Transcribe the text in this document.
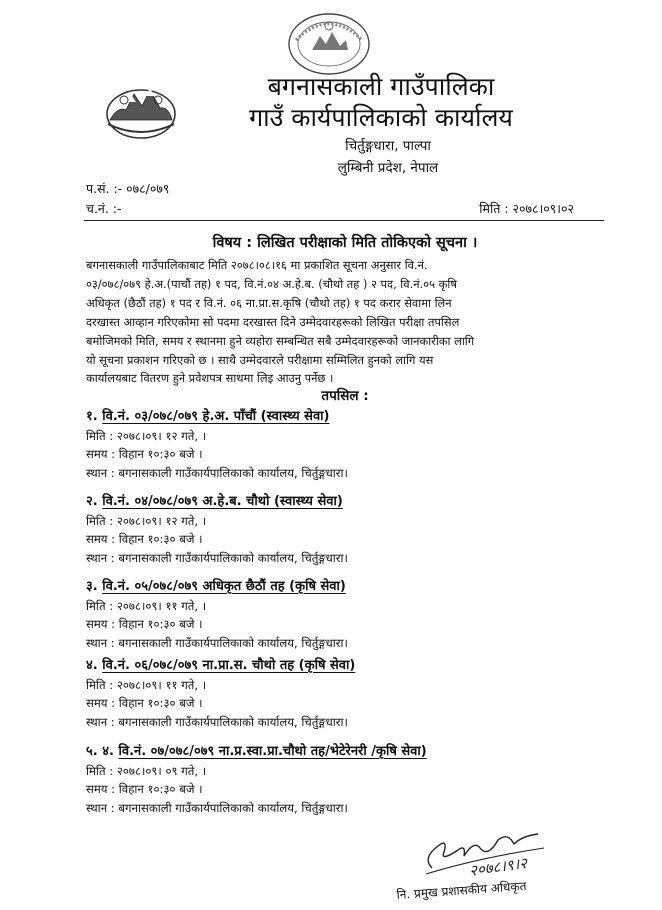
बगनासकाली गाउँपालिका
गाउँ कार्यपालिकाको कार्यालय
चिर्तुङ्गधारा, पाल्पा
लुम्बिनी प्रदेश, नेपाल
प.सं. :- ०७८/०७९
च.नं. :-	मिति : २०७८।०९।०२
विषय : लिखित परीक्षाको मिति तोकिएको सूचना ।
बगनासकाली गाउँपालिकाबाट मिति २०७८।०८।१६ मा प्रकाशित सूचना अनुसार वि.नं.
०३/०७८/०७९ हे.अ.(पाचौं तह) १ पद, वि.नं.०४ अ.हे.ब. (चौथो तह ) २ पद, वि.नं.०५ कृषि
अधिकृत (छैठौं तह) १ पद र वि.नं. ०६ ना.प्रा.स.कृषि (चौथो तह) १ पद करार सेवामा लिन
दरखास्त आव्हान गरिएकोमा सो पदमा दरखास्त दिने उम्मेदवारहरूको लिखित परीक्षा तपसिल
बमोजिमको मिति, समय र स्थानमा हुने व्यहोरा सम्बन्धित सबै उम्मेदवारहरूको जानकारीका लागि
यो सूचना प्रकाशन गरिएको छ । साथै उम्मेदवारले परीक्षामा सम्मिलित हुनको लागि यस
कार्यालयबाट वितरण हुने प्रवेशपत्र साथमा लिइ आउनु पर्नेछ ।
तपसिल :
१. वि.नं. ०३/०७८/०७९ हे.अ. पाँचौं (स्वास्थ्य सेवा)
मिति : २०७८।०९। १२ गते, ।
समय : विहान १०:३० बजे ।
स्थान : बगनासकाली गाउँकार्यपालिकाको कार्यालय, चिर्तुङ्गधारा।
२. वि.नं. ०४/०७८/०७९ अ.हे.ब. चौथो (स्वास्थ्य सेवा)
मिति : २०७८।०९। १२ गते, ।
समय : विहान १०:३० बजे ।
स्थान : बगनासकाली गाउँकार्यपालिकाको कार्यालय, चिर्तुङ्गधारा।
३. वि.नं. ०५/०७८/०७९ अधिकृत छैठौं तह (कृषि सेवा)
मिति : २०७८।०९। ११ गते, ।
समय : विहान १०:३० बजे ।
स्थान : बगनासकाली गाउँकार्यपालिकाको कार्यालय, चिर्तुङ्गधारा।
४. वि.नं. ०६/०७८/०७९ ना.प्रा.स. चौथो तह (कृषि सेवा)
मिति : २०७८।०९। ११ गते, ।
समय : विहान १०:३० बजे ।
स्थान : बगनासकाली गाउँकार्यपालिकाको कार्यालय, चिर्तुङ्गधारा।
५. ४. वि.नं. ०७/०७८/०७९ ना.प्र.स्वा.प्रा.चौथो तह/भेटेरेनरी /कृषि सेवा)
मिति : २०७८।०९। ०९ गते, ।
समय : विहान १०:३० बजे ।
स्थान : बगनासकाली गाउँकार्यपालिकाको कार्यालय, चिर्तुङ्गधारा।
२०७८।९।२
नि. प्रमुख प्रशासकीय अधिकृत
